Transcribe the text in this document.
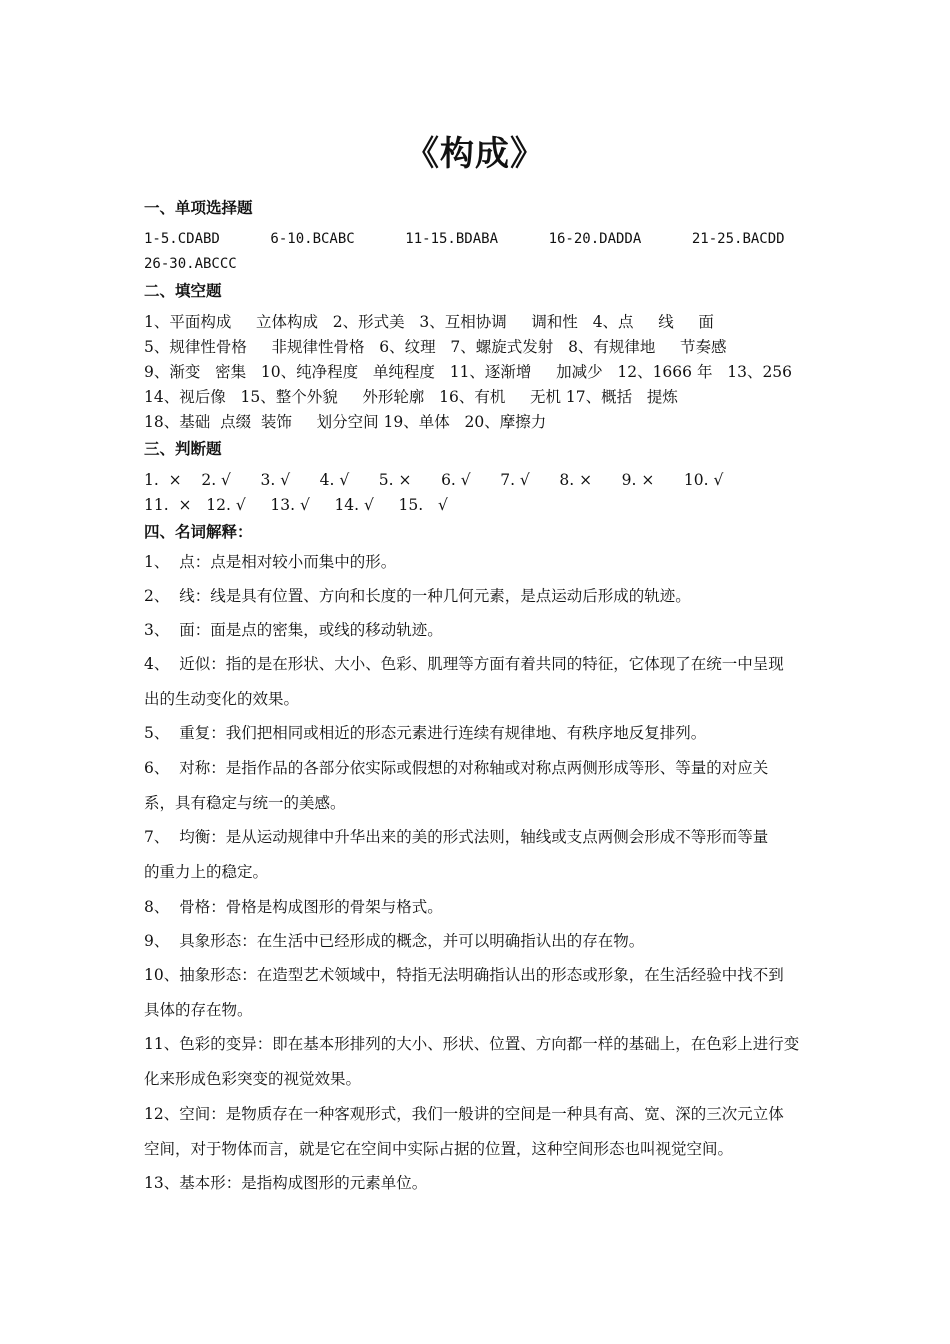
《构成》
一、单项选择题
1-5.CDABD      6-10.BCABC      11-15.BDABA      16-20.DADDA      21-25.BACDD
26-30.ABCCC
二、填空题
1、平面构成     立体构成   2、形式美   3、互相协调     调和性   4、点     线     面
5、规律性骨格     非规律性骨格   6、纹理   7、螺旋式发射   8、有规律地     节奏感
9、渐变   密集   10、纯净程度   单纯程度   11、逐渐增     加减少   12、1666 年   13、256
14、视后像   15、整个外貌     外形轮廓   16、有机     无机 17、概括   提炼
18、基础  点缀  装饰     划分空间 19、单体   20、摩擦力
三、判断题
1.  ×    2. √      3. √      4. √      5. ×      6. √      7. √      8. ×      9. ×      10. √
11.  ×   12. √     13. √     14. √     15.   √
四、名词解释：
1、  点：点是相对较小而集中的形。
2、  线：线是具有位置、方向和长度的一种几何元素，是点运动后形成的轨迹。
3、  面：面是点的密集，或线的移动轨迹。
4、  近似：指的是在形状、大小、色彩、肌理等方面有着共同的特征，它体现了在统一中呈现
出的生动变化的效果。
5、  重复：我们把相同或相近的形态元素进行连续有规律地、有秩序地反复排列。
6、  对称：是指作品的各部分依实际或假想的对称轴或对称点两侧形成等形、等量的对应关
系，具有稳定与统一的美感。
7、  均衡：是从运动规律中升华出来的美的形式法则，轴线或支点两侧会形成不等形而等量
的重力上的稳定。
8、  骨格：骨格是构成图形的骨架与格式。
9、  具象形态：在生活中已经形成的概念，并可以明确指认出的存在物。
10、抽象形态：在造型艺术领域中，特指无法明确指认出的形态或形象，在生活经验中找不到
具体的存在物。
11、色彩的变异：即在基本形排列的大小、形状、位置、方向都一样的基础上，在色彩上进行变
化来形成色彩突变的视觉效果。
12、空间：是物质存在一种客观形式，我们一般讲的空间是一种具有高、宽、深的三次元立体
空间，对于物体而言，就是它在空间中实际占据的位置，这种空间形态也叫视觉空间。
13、基本形：是指构成图形的元素单位。
